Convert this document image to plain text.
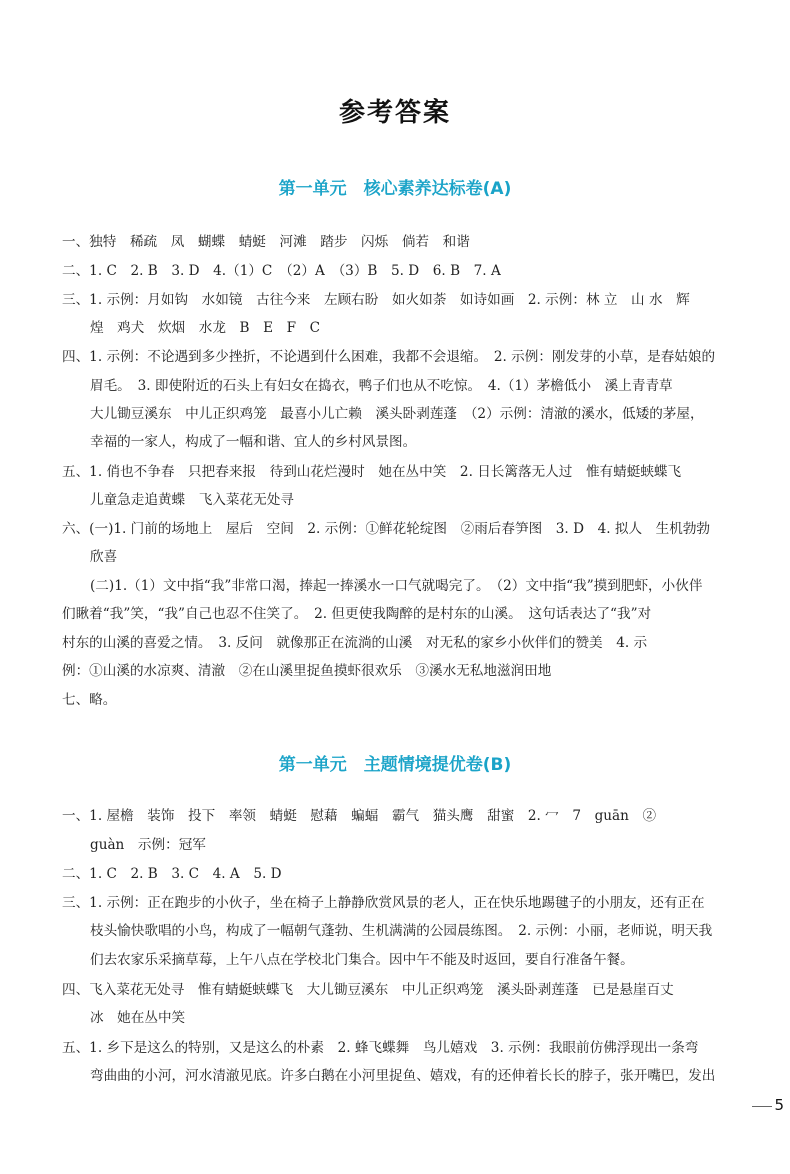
参考答案
第一单元　核心素养达标卷(A)
一、独特　稀疏　凤　蝴蝶　蜻蜓　河滩　踏步　闪烁　倘若　和谐
二、1. C　2. B　3. D　4.（1）C　（2）A　（3）B　5. D　6. B　7. A
三、1. 示例：月如钩　水如镜　古往今来　左顾右盼　如火如荼　如诗如画　2. 示例：林 立　山 水　辉
煌　鸡犬　炊烟　水龙　B　E　F　C
四、1. 示例：不论遇到多少挫折，不论遇到什么困难，我都不会退缩。　2. 示例：刚发芽的小草，是春姑娘的
眉毛。　3. 即使附近的石头上有妇女在捣衣，鸭子们也从不吃惊。　4.（1）茅檐低小　溪上青青草
大儿锄豆溪东　中儿正织鸡笼　最喜小儿亡赖　溪头卧剥莲蓬　（2）示例：清澈的溪水，低矮的茅屋，
幸福的一家人，构成了一幅和谐、宜人的乡村风景图。
五、1. 俏也不争春　只把春来报　待到山花烂漫时　她在丛中笑　2. 日长篱落无人过　惟有蜻蜓蛱蝶飞
儿童急走追黄蝶　飞入菜花无处寻
六、(一)1. 门前的场地上　屋后　空间　2. 示例：①鲜花轮绽图　②雨后春笋图　3. D　4. 拟人　生机勃勃
欣喜
(二)1.（1）文中指“我”非常口渴，捧起一捧溪水一口气就喝完了。　（2）文中指“我”摸到肥虾，小伙伴
们瞅着“我”笑，“我”自己也忍不住笑了。　2. 但更使我陶醉的是村东的山溪。　这句话表达了“我”对
村东的山溪的喜爱之情。　3. 反问　就像那正在流淌的山溪　对无私的家乡小伙伴们的赞美　4. 示
例：①山溪的水凉爽、清澈　②在山溪里捉鱼摸虾很欢乐　③溪水无私地滋润田地
七、略。
第一单元　主题情境提优卷(B)
一、1. 屋檐　装饰　投下　率领　蜻蜓　慰藉　蝙蝠　霸气　猫头鹰　甜蜜　2. 冖　7　guān　②
guàn　示例：冠军
二、1. C　2. B　3. C　4. A　5. D
三、1. 示例：正在跑步的小伙子，坐在椅子上静静欣赏风景的老人，正在快乐地踢毽子的小朋友，还有正在
枝头愉快歌唱的小鸟，构成了一幅朝气蓬勃、生机满满的公园晨练图。　2. 示例：小丽，老师说，明天我
们去农家乐采摘草莓，上午八点在学校北门集合。因中午不能及时返回，要自行准备午餐。
四、飞入菜花无处寻　惟有蜻蜓蛱蝶飞　大儿锄豆溪东　中儿正织鸡笼　溪头卧剥莲蓬　已是悬崖百丈
冰　她在丛中笑
五、1. 乡下是这么的特别，又是这么的朴素　2. 蜂飞蝶舞　鸟儿嬉戏　3. 示例：我眼前仿佛浮现出一条弯
弯曲曲的小河，河水清澈见底。许多白鹅在小河里捉鱼、嬉戏，有的还伸着长长的脖子，张开嘴巴，发出
5
